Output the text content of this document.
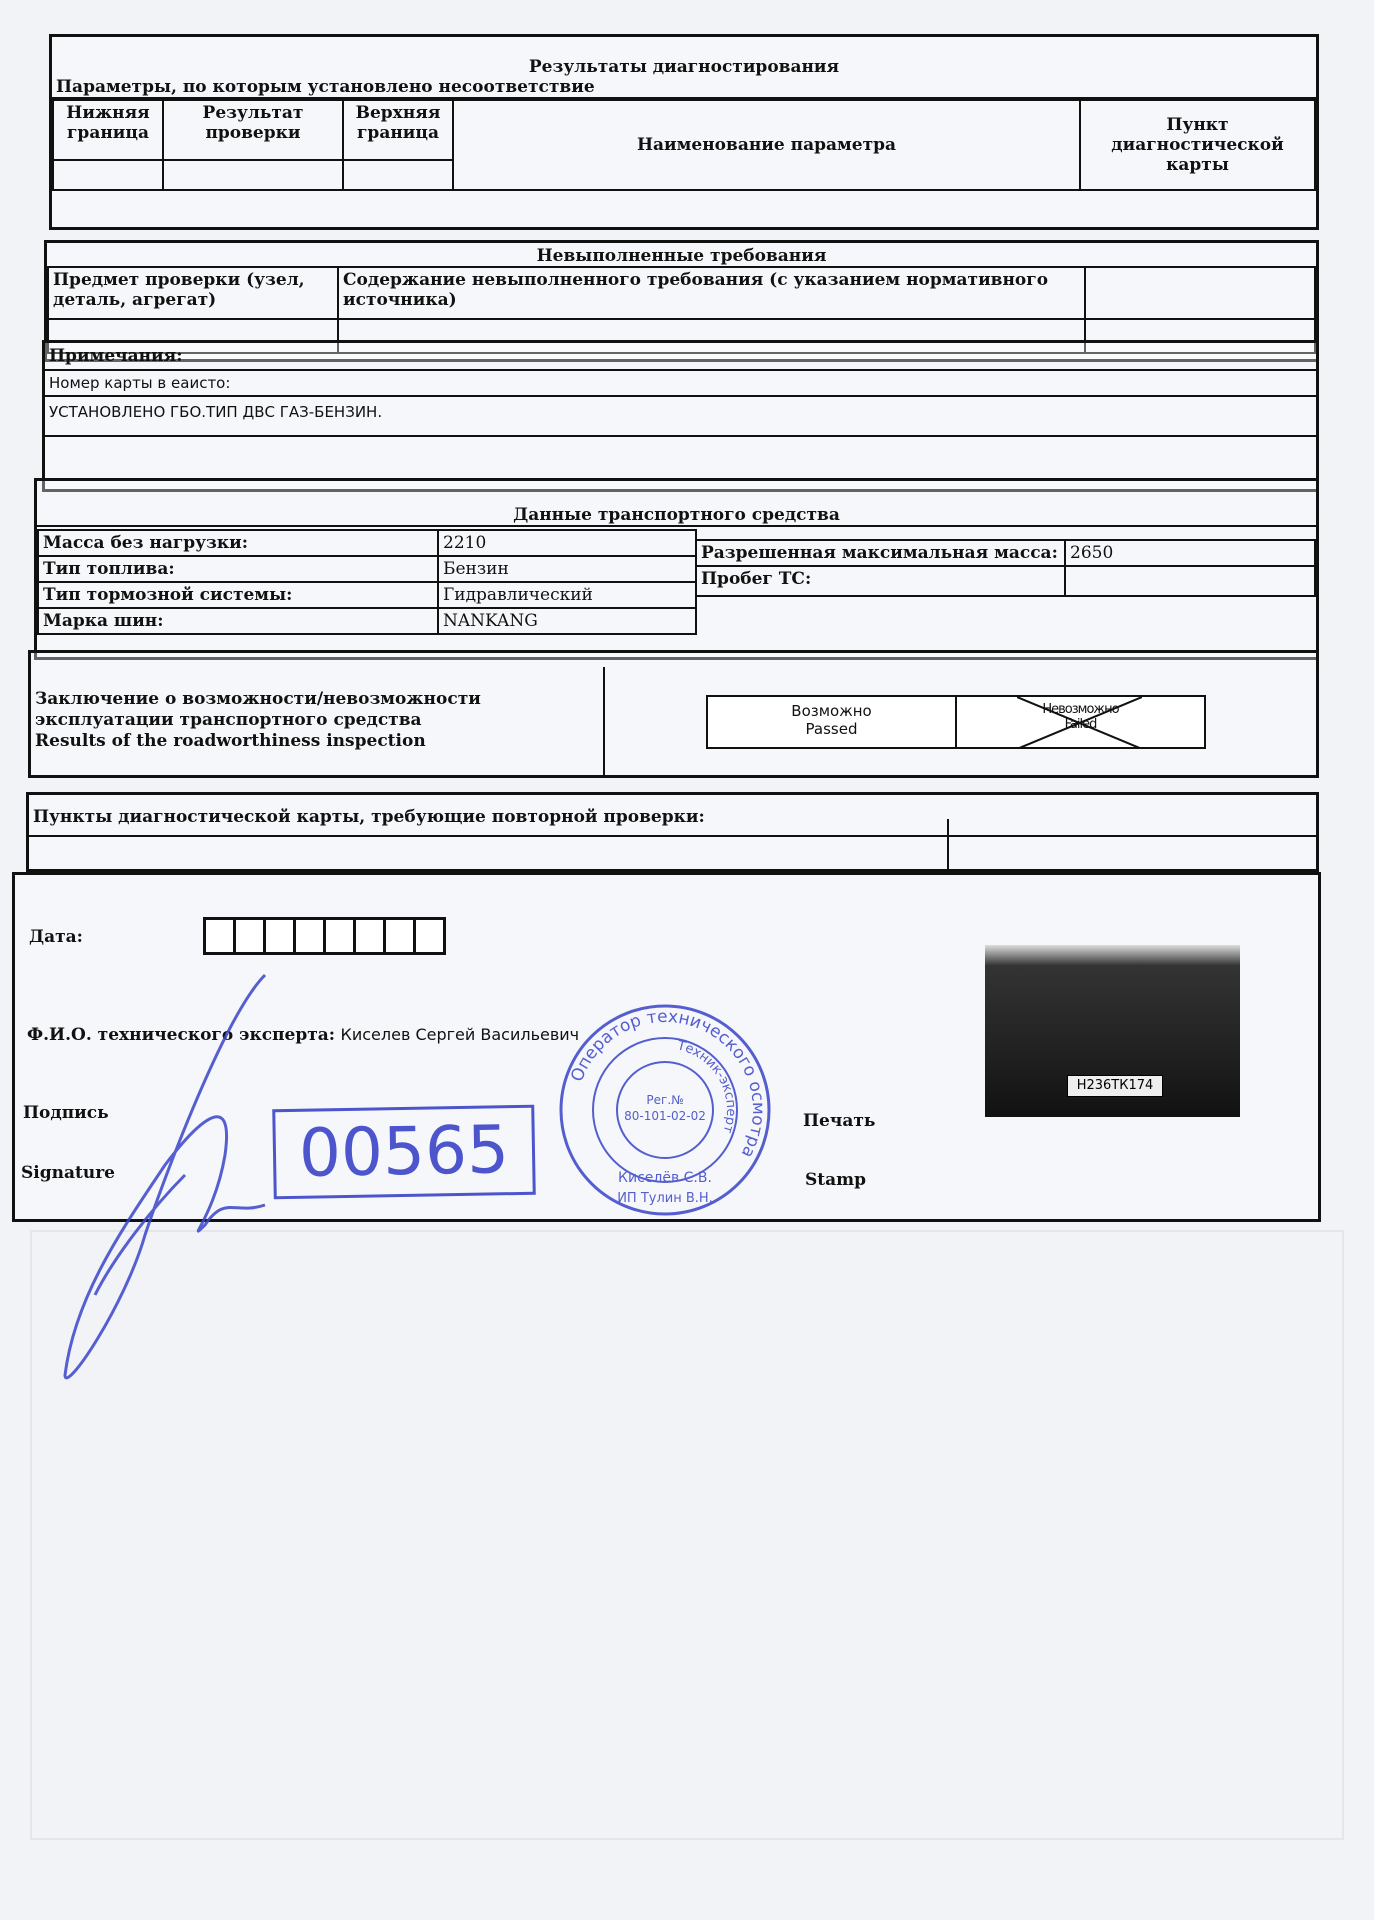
Результаты диагностирования
Параметры, по которым установлено несоответствие
Нижняя граница	Результат проверки	Верхняя граница	Наименование параметра	Пункт диагностической карты

Невыполненные требования
Предмет проверки (узел, деталь, агрегат)	Содержание невыполненного требования (с указанием нормативного источника)	

Примечания:
Номер карты в еаисто:
УСТАНОВЛЕНО ГБО.ТИП ДВС ГАЗ-БЕНЗИН.
Данные транспортного средства
Масса без нагрузки:	2210
Тип топлива:	Бензин
Тип тормозной системы:	Гидравлический
Марка шин:	NANKANG
Разрешенная максимальная масса:	2650
Пробег ТС:	
Заключение о возможности/невозможности
эксплуатации транспортного средства
Results of the roadworthiness inspection
Возможно
Passed
Невозможно
Failed
Пункты диагностической карты, требующие повторной проверки:
Дата:
Ф.И.О. технического эксперта: Киселев Сергей Васильевич
Подпись
Signature
Печать
Stamp
00565
Оператор технического осмотра
Техник-эксперт
Рег.№
80-101-02-02
Киселёв С.В.
ИП Тулин В.Н.
Н236ТК174
